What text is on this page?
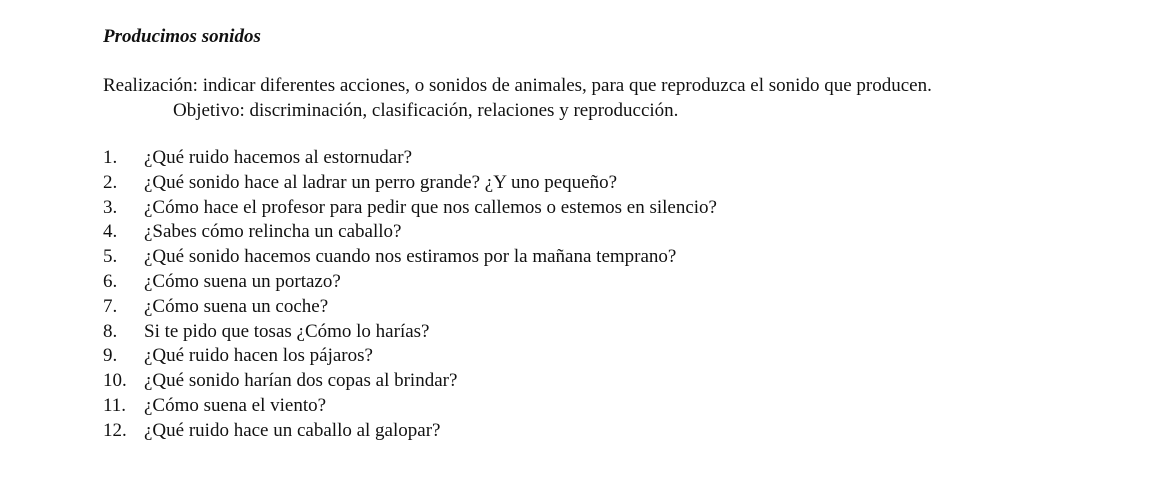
Producimos sonidos

Realización: indicar diferentes acciones, o sonidos de animales, para que reproduzca el sonido que producen.

Objetivo: discriminación, clasificación, relaciones y reproducción.

1.	¿Qué ruido hacemos al estornudar?
2.	¿Qué sonido hace al ladrar un perro grande? ¿Y uno pequeño?
3.	¿Cómo hace el profesor para pedir que nos callemos o estemos en silencio?
4.	¿Sabes cómo relincha un caballo?
5.	¿Qué sonido hacemos cuando nos estiramos por la mañana temprano?
6.	¿Cómo suena un portazo?
7.	¿Cómo suena un coche?
8.	Si te pido que tosas ¿Cómo lo harías?
9.	¿Qué ruido hacen los pájaros?
10. ¿Qué sonido harían dos copas al brindar?
11. ¿Cómo suena el viento?
12. ¿Qué ruido hace un caballo al galopar?
